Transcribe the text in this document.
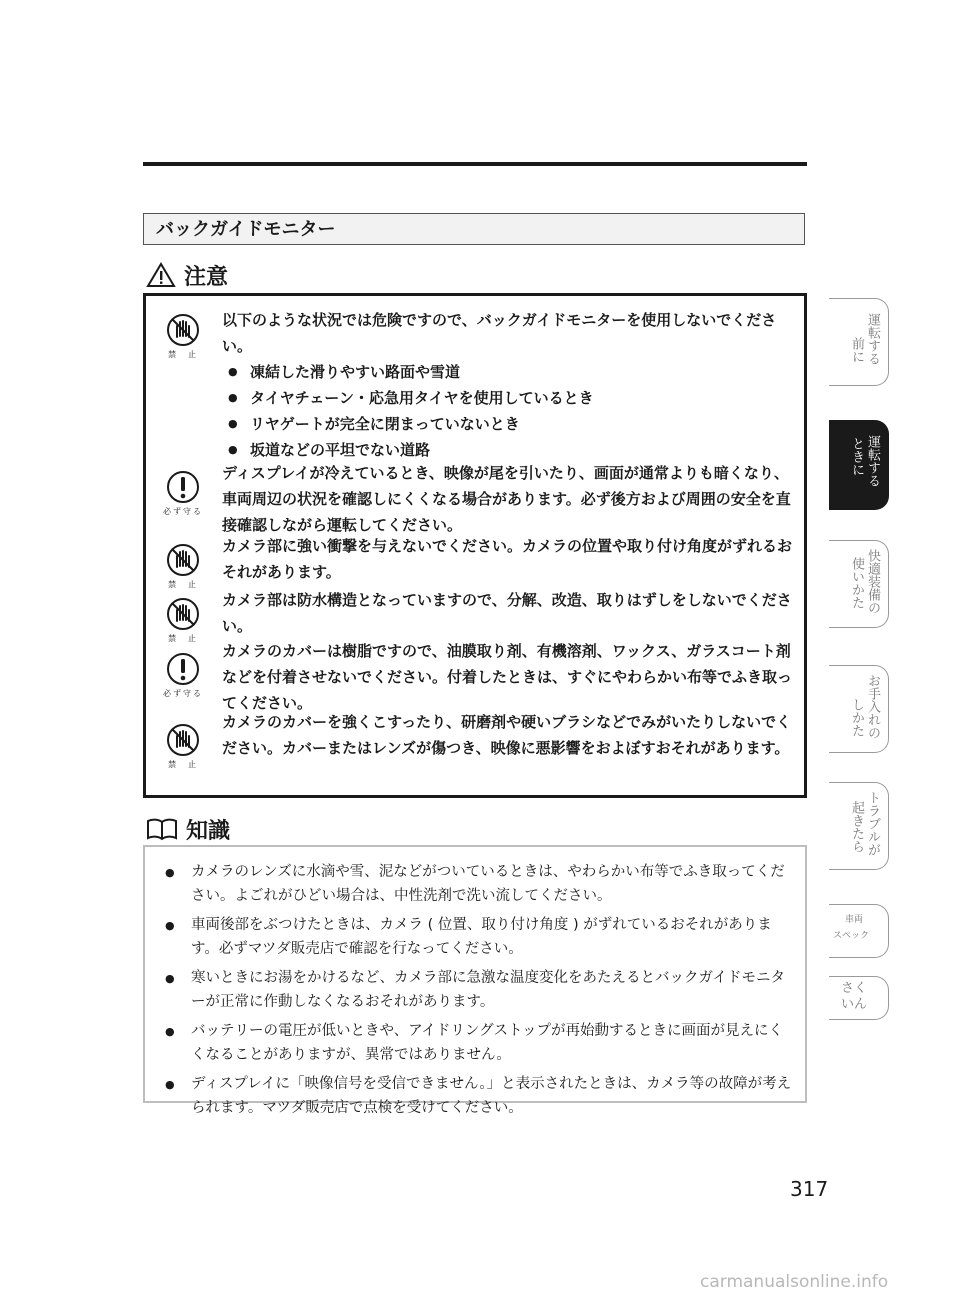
バックガイドモニター
注意
禁　止
以下のような状況では危険ですので、バックガイドモニターを使用しないでください。
● 凍結した滑りやすい路面や雪道
● タイヤチェーン・応急用タイヤを使用しているとき
● リヤゲートが完全に閉まっていないとき
● 坂道などの平坦でない道路
必ず守る
ディスプレイが冷えているとき、映像が尾を引いたり、画面が通常よりも暗くなり、車両周辺の状況を確認しにくくなる場合があります。必ず後方および周囲の安全を直接確認しながら運転してください。
禁　止
カメラ部に強い衝撃を与えないでください。カメラの位置や取り付け角度がずれるおそれがあります。
禁　止
カメラ部は防水構造となっていますので、分解、改造、取りはずしをしないでください。
必ず守る
カメラのカバーは樹脂ですので、油膜取り剤、有機溶剤、ワックス、ガラスコート剤などを付着させないでください。付着したときは、すぐにやわらかい布等でふき取ってください。
禁　止
カメラのカバーを強くこすったり、研磨剤や硬いブラシなどでみがいたりしないでください。カバーまたはレンズが傷つき、映像に悪影響をおよぼすおそれがあります。
知識
● カメラのレンズに水滴や雪、泥などがついているときは、やわらかい布等でふき取ってください。よごれがひどい場合は、中性洗剤で洗い流してください。
● 車両後部をぶつけたときは、カメラ ( 位置、取り付け角度 ) がずれているおそれがあります。必ずマツダ販売店で確認を行なってください。
● 寒いときにお湯をかけるなど、カメラ部に急激な温度変化をあたえるとバックガイドモニターが正常に作動しなくなるおそれがあります。
● バッテリーの電圧が低いときや、アイドリングストップが再始動するときに画面が見えにくくなることがありますが、異常ではありません。
● ディスプレイに「映像信号を受信できません。」と表示されたときは、カメラ等の故障が考えられます。マツダ販売店で点検を受けてください。
317
前に 運転する
ときに 運転する
使いかた 快適装備の
しかた お手入れの
起きたら トラブルが
車両
スペック
さく
いん
carmanualsonline.info
